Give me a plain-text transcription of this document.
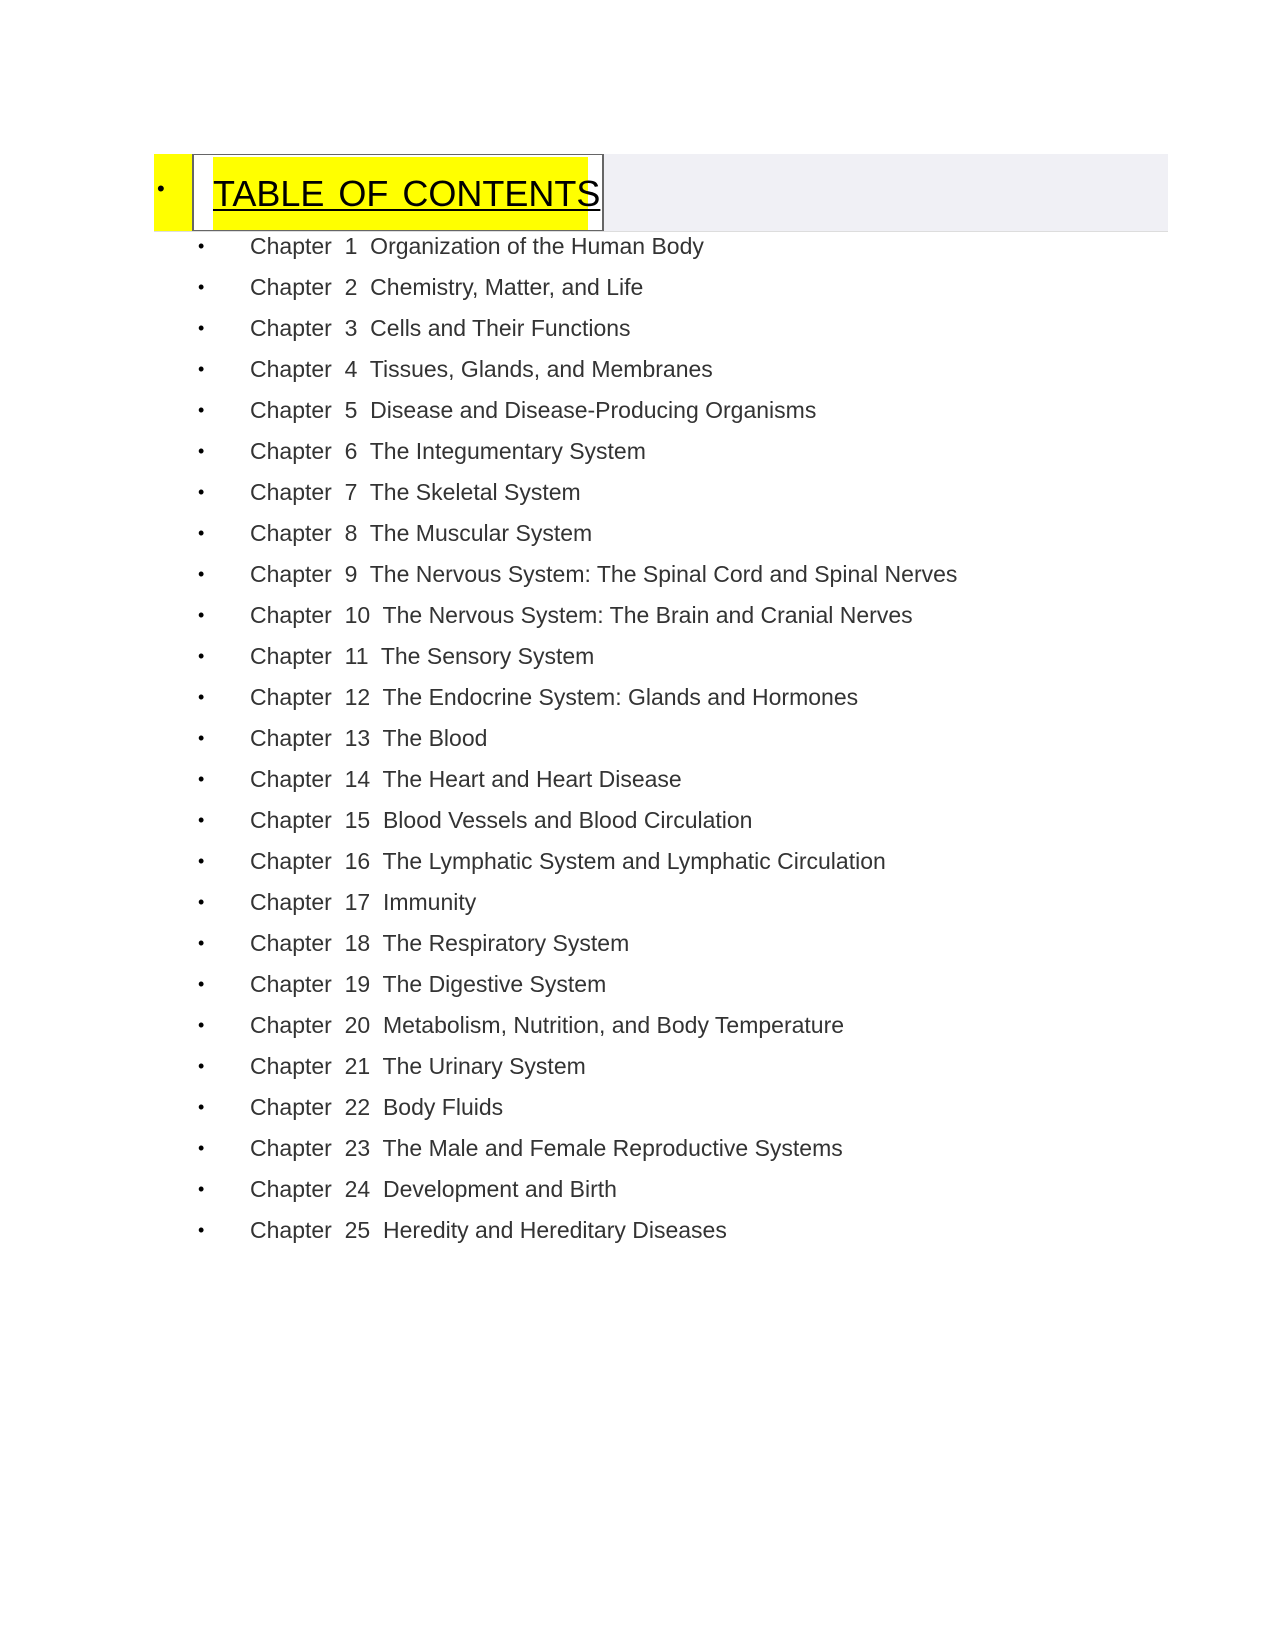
• TABLE OF CONTENTS
•	Chapter  1  Organization of the Human Body
•	Chapter  2  Chemistry, Matter, and Life
•	Chapter  3  Cells and Their Functions
•	Chapter  4  Tissues, Glands, and Membranes
•	Chapter  5  Disease and Disease-Producing Organisms
•	Chapter  6  The Integumentary System
•	Chapter  7  The Skeletal System
•	Chapter  8  The Muscular System
•	Chapter  9  The Nervous System: The Spinal Cord and Spinal Nerves
•	Chapter  10  The Nervous System: The Brain and Cranial Nerves
•	Chapter  11  The Sensory System
•	Chapter  12  The Endocrine System: Glands and Hormones
•	Chapter  13  The Blood
•	Chapter  14  The Heart and Heart Disease
•	Chapter  15  Blood Vessels and Blood Circulation
•	Chapter  16  The Lymphatic System and Lymphatic Circulation
•	Chapter  17  Immunity
•	Chapter  18  The Respiratory System
•	Chapter  19  The Digestive System
•	Chapter  20  Metabolism, Nutrition, and Body Temperature
•	Chapter  21  The Urinary System
•	Chapter  22  Body Fluids
•	Chapter  23  The Male and Female Reproductive Systems
•	Chapter  24  Development and Birth
•	Chapter  25  Heredity and Hereditary Diseases
